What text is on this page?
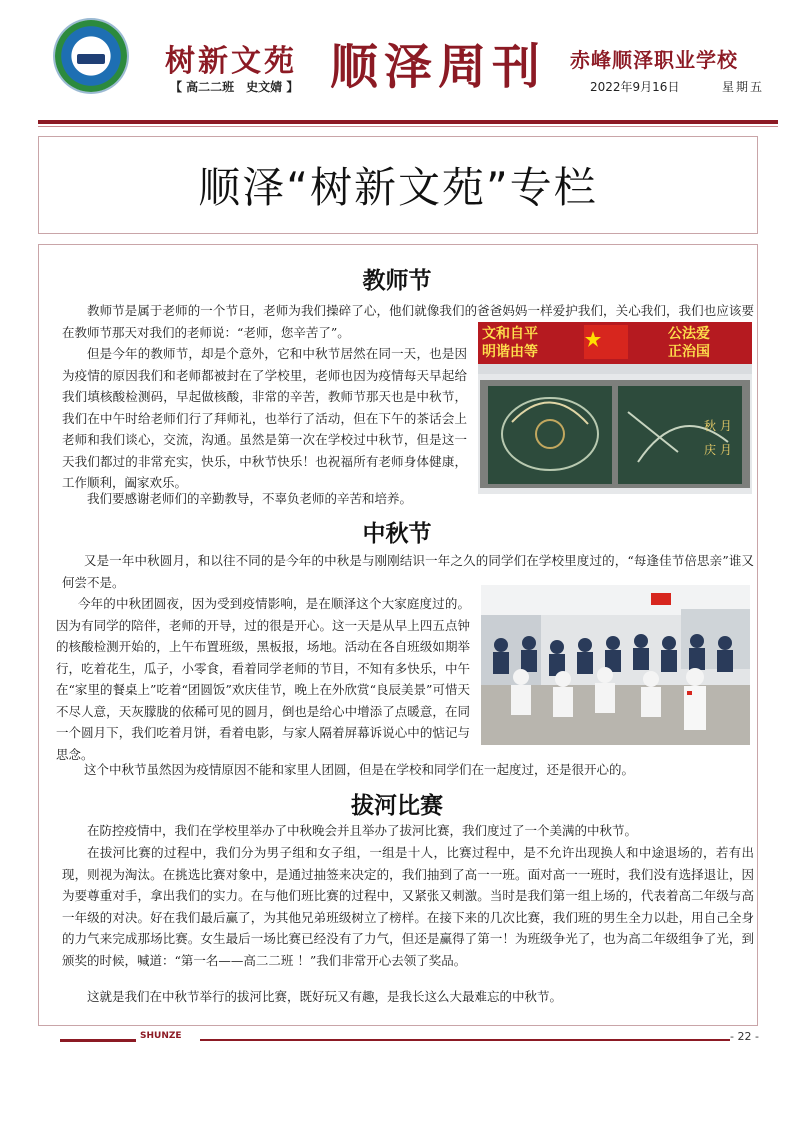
树新文苑
【 高二二班　史文婧 】 顺泽周刊 赤峰顺泽职业学校
2022年9月16日	星期五
顺泽“树新文苑”专栏
教师节

教师节是属于老师的一个节日，老师为我们操碎了心，他们就像我们的爸爸妈妈一样爱护我们，关心我们，我们也应该要在教师节那天对我们的老师说：“老师，您辛苦了”。

但是今年的教师节，却是个意外，它和中秋节居然在同一天，也是因为疫情的原因我们和老师都被封在了学校里，老师也因为疫情每天早起给我们填核酸检测码，早起做核酸，非常的辛苦，教师节那天也是中秋节，我们在中午时给老师们行了拜师礼，也举行了活动，但在下午的茶话会上老师和我们谈心，交流，沟通。虽然是第一次在学校过中秋节，但是这一天我们都过的非常充实，快乐，中秋节快乐！也祝福所有老师身体健康，工作顺利，阖家欢乐。

我们要感谢老师们的辛勤教导，不辜负老师的辛苦和培养。

文和自平
明谐由等
公法爱
正治国
秋 月
庆 月
中秋节

又是一年中秋圆月，和以往不同的是今年的中秋是与刚刚结识一年之久的同学们在学校里度过的，“每逢佳节倍思亲”谁又何尝不是。

今年的中秋团圆夜，因为受到疫情影响，是在顺泽这个大家庭度过的。因为有同学的陪伴，老师的开导，过的很是开心。这一天是从早上四五点钟的核酸检测开始的，上午布置班级，黑板报，场地。活动在各自班级如期举行，吃着花生，瓜子，小零食，看着同学老师的节目，不知有多快乐，中午在“家里的餐桌上”吃着“团圆饭”欢庆佳节，晚上在外欣赏“良辰美景”可惜天不尽人意，天灰朦胧的依稀可见的圆月，倒也是给心中增添了点暖意，在同一个圆月下，我们吃着月饼，看着电影，与家人隔着屏幕诉说心中的惦记与思念。

这个中秋节虽然因为疫情原因不能和家里人团圆，但是在学校和同学们在一起度过，还是很开心的。

拔河比赛

在防控疫情中，我们在学校里举办了中秋晚会并且举办了拔河比赛，我们度过了一个美满的中秋节。

在拔河比赛的过程中，我们分为男子组和女子组，一组是十人，比赛过程中，是不允许出现换人和中途退场的，若有出现，则视为淘汰。在挑选比赛对象中，是通过抽签来决定的，我们抽到了高一一班。面对高一一班时，我们没有选择退让，因为要尊重对手，拿出我们的实力。在与他们班比赛的过程中，又紧张又刺激。当时是我们第一组上场的，代表着高二年级与高一年级的对决。好在我们最后赢了，为其他兄弟班级树立了榜样。在接下来的几次比赛，我们班的男生全力以赴，用自己全身的力气来完成那场比赛。女生最后一场比赛已经没有了力气，但还是赢得了第一！为班级争光了，也为高二年级组争了光，到颁奖的时候，喊道：“第一名——高二二班 ！”我们非常开心去领了奖品。

这就是我们在中秋节举行的拔河比赛，既好玩又有趣，是我长这么大最难忘的中秋节。

SHUNZE	- 22 -
